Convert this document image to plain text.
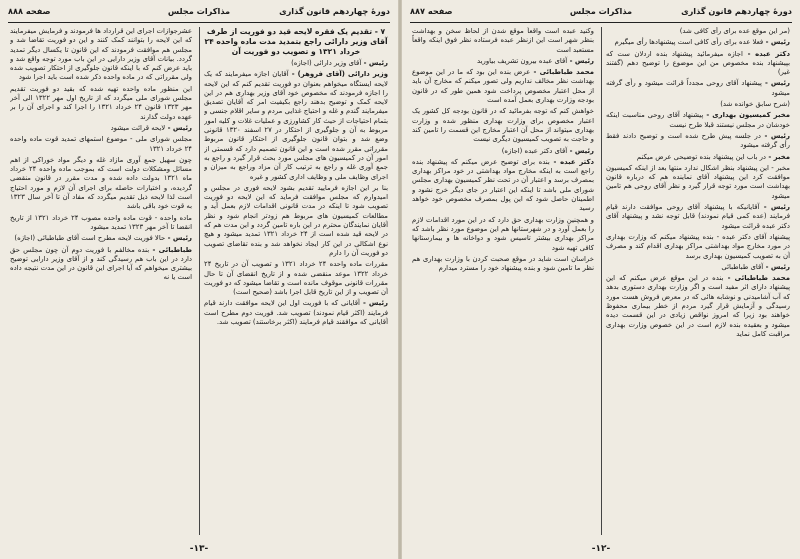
دورهٔ چهاردهم قانون گذاری
مذاکرات مجلس
صفحه ۸۸۸

۷ - تقدیم یک فقره لایحه قید دو فوریت از طرف آقای وزیر دارائی راجع بتمدید مدت ماده واحده ۲۴ خرداد ۱۳۲۱ و تصویب دو فوریت آن

رئیس - آقای وزیر دارائی (اجازه)

وزیر دارائی (آقای فروهر) - آقایان اجازه میفرمایند که یک لایحه ایستگاه میخواهم بعنوان دو فوریت تقدیم کنم که این لایحه را اجازه فرمودند که مخصوص خود آقای وزیر بهداری هم در این لایحه کمک و توضیح بدهند راجع بکیفیت امر که آقایان تصدیق میفرمایند گندم و غله و احتیاج غذایی مردم و سایر اقلام جنسی و بتمام احتیاجات از حیث کار کشاورزی و عملیات غلات و کلیه امور مربوط به آن و جلوگیری از احتکار در ۲۷ اسفند ۱۳۲۰ قانونی وضع شد و بتوان قانون جلوگیری از احتکار قانون مربوط مقرراتی مقرر شده است و این قانون تصمیم دارد که قسمتی از امور آن در کمیسیون های مجلس مورد بحث قرار گیرد و راجع به جمع آوری غله و راجع به ترتیب کار آن مزاد وراجع به میزان و اجرای وظایف ملی و وظایف اداری کشور و غیره

بنا بر این اجازه فرمایید تقدیم بشود لایحه فوری در مجلس و امیدوارم که مجلس موافقت فرماید که این لایحه دو فوریت تصویب شود تا اینکه در مدت قانونی اقدامات لازم بعمل آید و مطالعات کمیسیون های مربوط هم زودتر انجام شود و نظر آقایان نمایندگان محترم در این باره تامین گردد و این مدت هم که در لایحه قید شده است از ۲۴ خرداد ۱۳۲۱ تمدید میشود و هیچ نوع اشکالی در این کار ایجاد نخواهد شد و بنده تقاضای تصویب دو فوریت آن را دارم

مقررات ماده واحده ۲۴ خرداد ۱۳۲۱ و تصویب آن در تاریخ ۲۴ خرداد ۱۳۲۲ موعد منقضی شده و از تاریخ انقضای آن تا حال مقررات قانونی موقوف مانده است و تقاضا میشود که دو فوریت آن تصویب و از این تاریخ قابل اجرا باشد (صحیح است)

رئیس - آقایانی که با فوریت اول این لایحه موافقت دارند قیام فرمایند (اکثر قیام نمودند) تصویب شد. فوریت دوم مطرح است آقایانی که موافقند قیام فرمایند (اکثر برخاستند) تصویب شد.

عشرجوازات اجرای این قرارداد ها فرمودند و فرمایش میفرمایند که این لایحه را بتوانند کمک کنند و این دو فوریت تقاضا شد و مجلس هم موافقت فرمودند که این قانون تا یکسال دیگر تمدید گردد. بیانات آقای وزیر دارایی در این باب مورد توجه واقع شد و باید عرض کنم که با اینکه قانون جلوگیری از احتکار تصویب شده ولی مقرراتی که در ماده واحده ذکر شده است باید اجرا شود

این منظور ماده واحده تهیه شده که بقید دو فوریت تقدیم مجلس شورای ملی میگردد که از تاریخ اول مهر ۱۳۲۲ الی آخر مهر ۱۳۲۳ قانون ۲۴ خرداد ۱۳۲۱ را اجرا کند و اجرای آن را بر عهده دولت گذارند

رئیس - لایحه قرائت میشود

مجلس شورای ملی - موضوع استمهای تمدید قوت ماده واحده ۲۴ خرداد ۱۳۲۱

چون سهیل جمع آوری مازاد غله و دیگر مواد خوراکی از اهم مسائل ومشکلات دولت است که بموجب ماده واحده ۲۴ خرداد ماه ۱۳۲۱ بدولت داده شده و مدت مقرر در قانون منقضی گردیده، و اختیارات حاصله برای اجرای آن لازم و مورد احتیاج است لذا لایحه ذیل تقدیم میگردد که مفاد آن تا آخر سال ۱۳۲۳ به قوت خود باقی باشد

ماده واحده - قوت ماده واحده مصوب ۲۴ خرداد ۱۳۲۱ از تاریخ انقضا تا آخر مهر ۱۳۲۳ تمدید میشود

رئیس - حالا فوریت لایحه مطرح است آقای طباطبائی (اجازه)

طباطبائی - بنده مخالفم با فوریت دوم آن چون مجلس حق دارد در این باب هم رسیدگی کند و از آقای وزیر دارایی توضیح بیشتری میخواهم که آیا اجرای این قانون در این مدت نتیجه داده است یا نه

-۱۳-
دورهٔ چهاردهم قانون گذاری
مذاکرات مجلس
صفحه ۸۸۷

(مر این موقع عده برای رأی کافی شد)

رئیس - فعلا عده برای رأی کافی است پیشنهادها رأی میگیرم

دکتر عبده - اجازه میفرمائید پیشنهاد بنده اردلان ست که بپیشنهاد بنده مخصوص من این موضوع را توضیح دهم (گفتند غیر)

رئیس - پیشنهاد آقای روحی مجدداً قرائت میشود و رأی گرفته میشود

(شرح سابق خوانده شد)

مخبر کمیسیون بهداری - پیشنهاد آقای روحی مناسبت اینکه خودشان در مجلس نیستند قبلا طرح نیست

رئیس - در جلسه پیش طرح شده است و توضیح دادند فقط رأی گرفته میشود

مخبر - در باب این پیشنهاد بنده توضیحی عرض میکنم

مخبر - این پیشنهاد بنظر اشکال ندارد منتها بعد از اینکه کمیسیون موافقت کرد این پیشنهاد آقای نماینده هم که درباره قانون بهداشت است مورد توجه قرار گیرد و نظر آقای روحی هم تامین میشود

رئیس - آقایانیکه با پیشنهاد آقای روحی موافقت دارند قیام فرمایند (عده کمی قیام نمودند) قابل توجه نشد و پیشنهاد آقای دکتر عبده قرائت میشود

پیشنهاد آقای دکتر عبده - بنده پیشنهاد میکنم که وزارت بهداری در مورد مخارج مواد بهداشتی مراکز بهداری اقدام کند و مصرف آن به تصویب کمیسیون بهداری برسد

رئیس - آقای طباطبائی

محمد طباطبائی - بنده در این موقع عرض میکنم که این پیشنهاد دارای اثر مفید است و اگر وزارت بهداری دستوری بدهد که آب آشامیدنی و نوشابه هائی که در معرض فروش هست مورد رسیدگی و آزمایش قرار گیرد مردم از خطر بیماری محفوظ خواهند بود زیرا که امروز نواقص زیادی در این قسمت دیده میشود و بعقیده بنده لازم است در این خصوص وزارت بهداری مراقبت کامل نماید

وکنید عبده است واقعاً موقع شدن از لحاظ سخن و بهداشت بنظر شهر است این ازنظر عبده فرستاده نظر فوق اینکه واقعاً مستعبد است

رئیس - آقای عبده بیرون تشریف بیاورید

محمد طباطبائی - عرض بنده این بود که ما در این موضوع بهداشت نظر مخالف نداریم ولی تصور میکنم که مخارج آن باید از محل اعتبار مخصوص پرداخت شود همین طور که در قانون بودجه وزارت بهداری بعمل آمده است

خواهش کنم که توجه بفرمائید که در قانون بودجه کل کشور یک اعتبار مخصوص برای وزارت بهداری منظور شده و وزارت بهداری میتواند از محل آن اعتبار مخارج این قسمت را تامین کند و حاجت به تصویب کمیسیون دیگری نیست

رئیس - آقای دکتر عبده (اجازه)

دکتر عبده - بنده برای توضیح عرض میکنم که پیشنهاد بنده راجع است به اینکه مخارج مواد بهداشتی در خود مراکز بهداری بمصرف برسد و اعتبار آن در تحت نظر کمیسیون بهداری مجلس شورای ملی باشد تا اینکه این اعتبار در جای دیگر خرج نشود و اطمینان حاصل شود که این پول بمصرف مخصوص خود خواهد رسید

و همچنین وزارت بهداری حق دارد که در این مورد اقدامات لازم را بعمل آورد و در شهرستانها هم این موضوع مورد نظر باشد که مراکز بهداری بیشتر تاسیس شود و دواخانه ها و بیمارستانها کافی تهیه شود

خراسان است شاید در موقع صحبت کردن با وزارت بهداری هم نظر ما تامین شود و بنده پیشنهاد خود را مسترد میدارم

-۱۲-
